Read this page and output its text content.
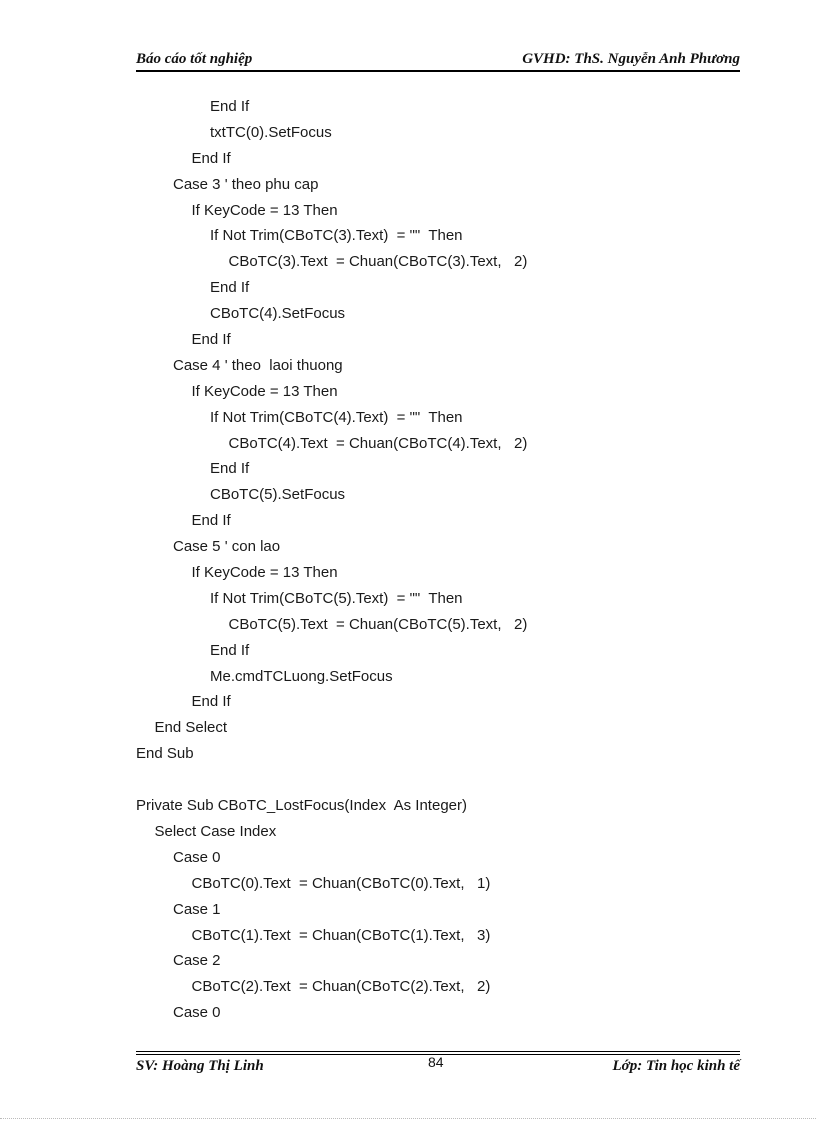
Báo cáo tốt nghiệp	GVHD: ThS. Nguyễn Anh Phương
End If
txtTC(0).SetFocus
End If
Case 3 ' theo phu cap
If KeyCode = 13 Then
If Not Trim(CBoTC(3).Text)  = ""  Then
CBoTC(3).Text  = Chuan(CBoTC(3).Text,   2)
End If
CBoTC(4).SetFocus
End If
Case 4 ' theo  laoi thuong
If KeyCode = 13 Then
If Not Trim(CBoTC(4).Text)  = ""  Then
CBoTC(4).Text  = Chuan(CBoTC(4).Text,   2)
End If
CBoTC(5).SetFocus
End If
Case 5 ' con lao
If KeyCode = 13 Then
If Not Trim(CBoTC(5).Text)  = ""  Then
CBoTC(5).Text  = Chuan(CBoTC(5).Text,   2)
End If
Me.cmdTCLuong.SetFocus
End If
End Select
End Sub
Private Sub CBoTC_LostFocus(Index  As Integer)
Select Case Index
Case 0
CBoTC(0).Text  = Chuan(CBoTC(0).Text,   1)
Case 1
CBoTC(1).Text  = Chuan(CBoTC(1).Text,   3)
Case 2
CBoTC(2).Text  = Chuan(CBoTC(2).Text,   2)
Case 0
SV: Hoàng Thị Linh	84	Lớp: Tin học kinh tế
